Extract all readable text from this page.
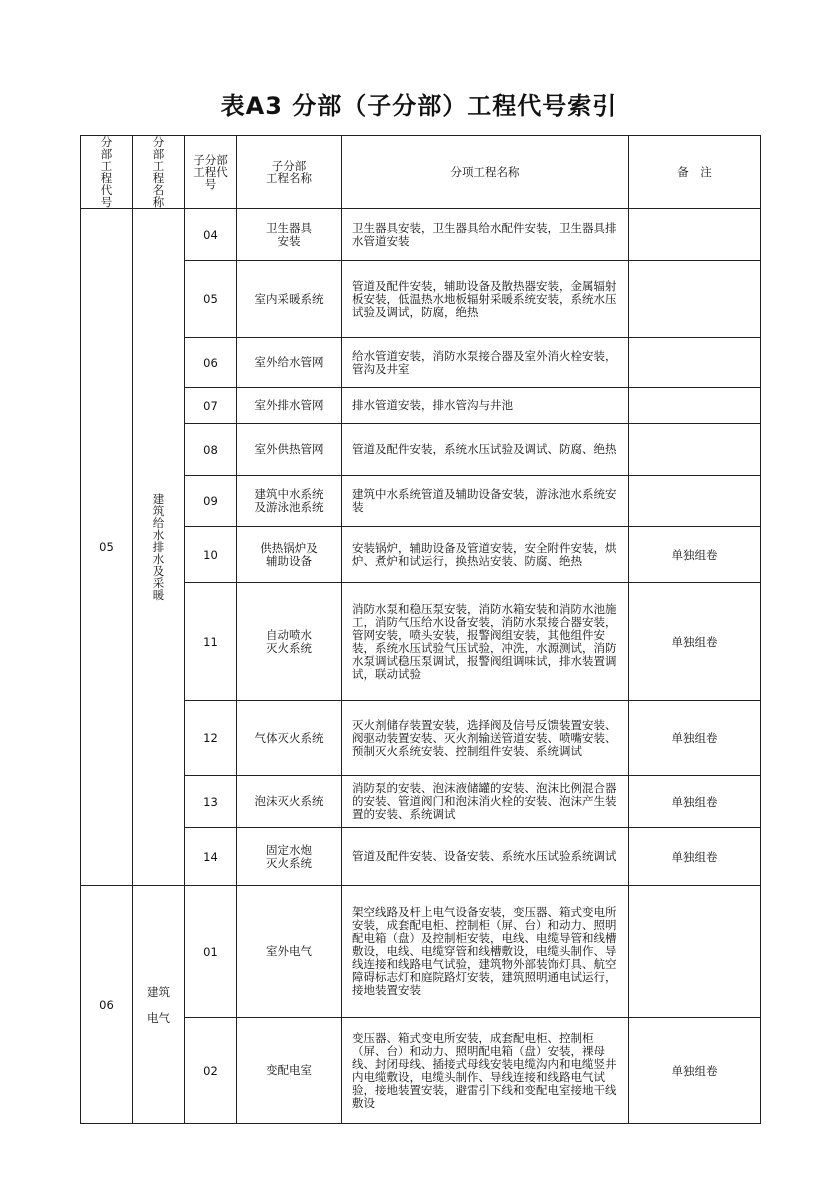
表A3 分部（子分部）工程代号索引
分部工程代号	分部工程名称	子分部工程代号	子分部
工程名称	分项工程名称	备　注
05	建筑给水排水及采暖	04	卫生器具
安装	卫生器具安装，卫生器具给水配件安装，卫生器具排水管道安装	
		05	室内采暖系统	管道及配件安装，辅助设备及散热器安装，金属辐射板安装，低温热水地板辐射采暖系统安装，系统水压试验及调试，防腐，绝热	
		06	室外给水管网	给水管道安装，消防水泵接合器及室外消火栓安装，管沟及井室	
		07	室外排水管网	排水管道安装，排水管沟与井池	
		08	室外供热管网	管道及配件安装，系统水压试验及调试、防腐、绝热	
		09	建筑中水系统
及游泳池系统	建筑中水系统管道及辅助设备安装，游泳池水系统安装	
		10	供热锅炉及
辅助设备	安装锅炉，辅助设备及管道安装，安全附件安装，烘炉、煮炉和试运行，换热站安装、防腐、绝热	单独组卷
		11	自动喷水
灭火系统	消防水泵和稳压泵安装，消防水箱安装和消防水池施工，消防气压给水设备安装，消防水泵接合器安装，管网安装，喷头安装，报警阀组安装，其他组件安装，系统水压试验气压试验，冲洗，水源测试，消防水泵调试稳压泵调试，报警阀组调味试，排水装置调试，联动试验	单独组卷
		12	气体灭火系统	灭火剂储存装置安装，选择阀及信号反馈装置安装、阀驱动装置安装、灭火剂输送管道安装、喷嘴安装、预制灭火系统安装、控制组件安装、系统调试	单独组卷
		13	泡沫灭火系统	消防泵的安装、泡沫液储罐的安装、泡沫比例混合器的安装、管道阀门和泡沫消火栓的安装、泡沫产生装置的安装、系统调试	单独组卷
		14	固定水炮
灭火系统	管道及配件安装、设备安装、系统水压试验系统调试	单独组卷
06	建筑
电气	01	室外电气	架空线路及杆上电气设备安装，变压器、箱式变电所安装，成套配电柜、控制柜（屏、台）和动力、照明配电箱（盘）及控制柜安装，电线、电缆导管和线槽敷设，电线、电缆穿管和线槽敷设，电缆头制作、导线连接和线路电气试验，建筑物外部装饰灯具、航空障碍标志灯和庭院路灯安装，建筑照明通电试运行，接地装置安装	
		02	变配电室	变压器、箱式变电所安装，成套配电柜、控制柜（屏、台）和动力、照明配电箱（盘）安装，裸母线、封闭母线、插接式母线安装电缆沟内和电缆竖井内电缆敷设，电缆头制作、导线连接和线路电气试验，接地装置安装，避雷引下线和变配电室接地干线敷设	单独组卷
